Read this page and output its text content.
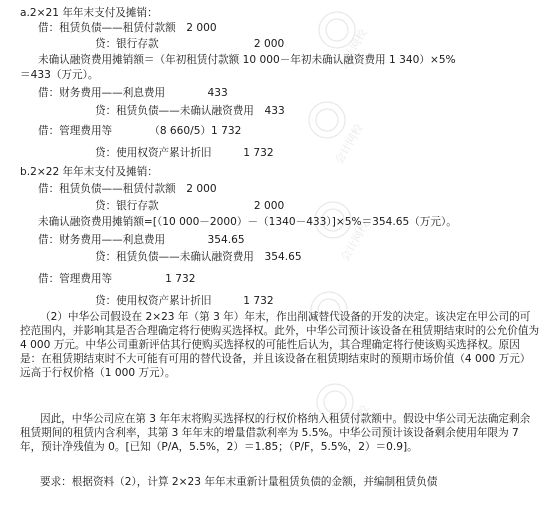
会计网校
会计网校
会计网校
会计网校
会计网校
a.2×21 年年末支付及摊销：
借：租赁负债——租赁付款额　2 000
贷：银行存款　　　　　　　　　2 000
未确认融资费用摊销额＝（年初租赁付款额 10 000－年初未确认融资费用 1 340）×5%
＝433（万元）。
借：财务费用——利息费用　　　　433
贷：租赁负债——未确认融资费用　433
借：管理费用等　　　　（8 660/5）1 732
贷：使用权资产累计折旧　　　1 732
b.2×22 年年末支付及摊销：
借：租赁负债——租赁付款额　2 000
贷：银行存款　　　　　　　　　2 000
未确认融资费用摊销额=[（10 000－2000）－（1340－433）]×5%＝354.65（万元）。
借：财务费用——利息费用　　　　354.65
贷：租赁负债——未确认融资费用　354.65
借：管理费用等　　　　　1 732
贷：使用权资产累计折旧　　　1 732
（2）中华公司假设在 2×23 年（第 3 年）年末，作出削减替代设备的开发的决定。该决定在甲公司的可控范围内，并影响其是否合理确定将行使购买选择权。此外，中华公司预计该设备在租赁期结束时的公允价值为 4 000 万元。中华公司重新评估其行使购买选择权的可能性后认为，其合理确定将行使该购买选择权。原因是：在租赁期结束时不大可能有可用的替代设备，并且该设备在租赁期结束时的预期市场价值（4 000 万元）远高于行权价格（1 000 万元）。
因此，中华公司应在第 3 年年末将购买选择权的行权价格纳入租赁付款额中。假设中华公司无法确定剩余租赁期间的租赁内含利率，其第 3 年年末的增量借款利率为 5.5%。中华公司预计该设备剩余使用年限为 7 年，预计净残值为 0。[已知（P/A，5.5%，2）＝1.85；（P/F，5.5%，2）＝0.9]。
要求：根据资料（2），计算 2×23 年年末重新计量租赁负债的金额，并编制租赁负债
